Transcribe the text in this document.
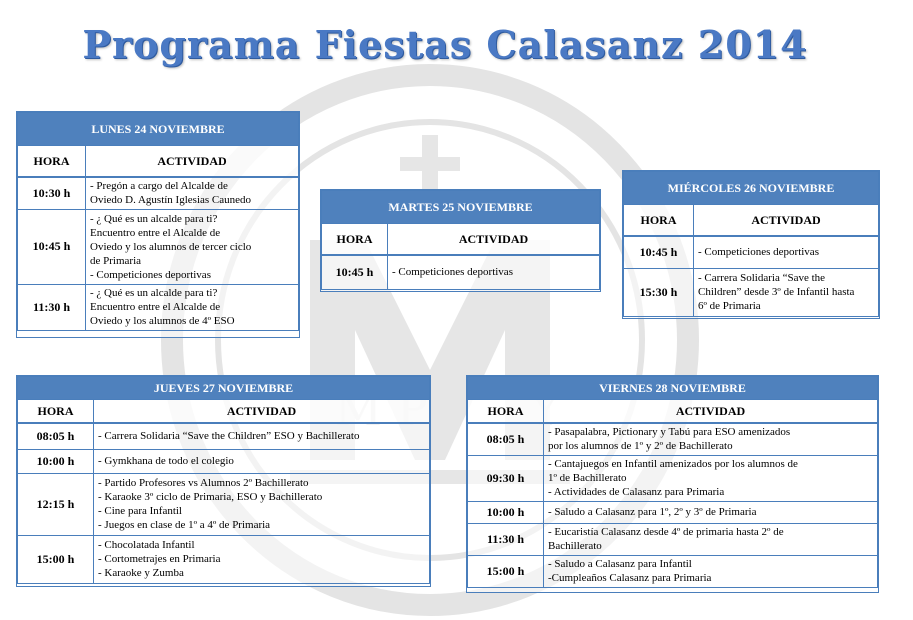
Programa Fiestas Calasanz 2014
LUNES 24 NOVIEMBRE	
HORA	ACTIVIDAD
10:30 h	- Pregón a cargo del Alcalde de
Oviedo D. Agustín Iglesias Caunedo

10:45 h	- ¿ Qué es un alcalde para ti?
Encuentro entre el Alcalde de
Oviedo y los alumnos de tercer ciclo
de Primaria
- Competiciones deportivas

11:30 h	- ¿ Qué es un alcalde para ti?
Encuentro entre el Alcalde de
Oviedo y los alumnos de 4º ESO
MARTES 25 NOVIEMBRE	
HORA	ACTIVIDAD
10:45 h	- Competiciones deportivas
MIÉRCOLES 26 NOVIEMBRE	
HORA	ACTIVIDAD
10:45 h	- Competiciones deportivas

15:30 h	- Carrera Solidaria “Save the
Children” desde 3º de Infantil hasta
6º de Primaria
JUEVES 27 NOVIEMBRE	
HORA	ACTIVIDAD
08:05 h	- Carrera Solidaria “Save the Children” ESO y Bachillerato

10:00 h	- Gymkhana de todo el colegio

12:15 h	- Partido Profesores vs Alumnos 2º Bachillerato
- Karaoke 3º ciclo de Primaria, ESO y Bachillerato
- Cine para Infantil
- Juegos en clase de 1º a 4º de Primaria

15:00 h	- Chocolatada Infantil
- Cortometrajes en Primaria
- Karaoke y Zumba
VIERNES 28 NOVIEMBRE	
HORA	ACTIVIDAD
08:05 h	- Pasapalabra, Pictionary y Tabú para ESO amenizados
por los alumnos de 1º y 2º de Bachillerato

09:30 h	- Cantajuegos en Infantil amenizados por los alumnos de
1º de Bachillerato
- Actividades de Calasanz para Primaria

10:00 h	- Saludo a Calasanz para 1º, 2º y 3º de Primaria

11:30 h	- Eucaristía Calasanz desde 4º de primaria hasta 2º de
Bachillerato

15:00 h	- Saludo a Calasanz para Infantil
-Cumpleaños Calasanz para Primaria
